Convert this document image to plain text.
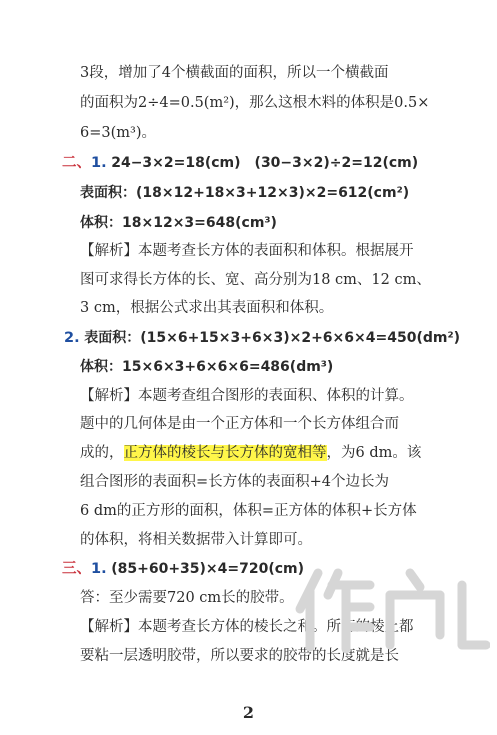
3段，增加了4个横截面的面积，所以一个横截面
的面积为2÷4=0.5(m²)，那么这根木料的体积是0.5×
6=3(m³)。
二、1. 24−3×2=18(cm)　(30−3×2)÷2=12(cm)
表面积：(18×12+18×3+12×3)×2=612(cm²)
体积：18×12×3=648(cm³)
【解析】本题考查长方体的表面积和体积。根据展开
图可求得长方体的长、宽、高分别为18 cm、12 cm、
3 cm，根据公式求出其表面积和体积。
2. 表面积：(15×6+15×3+6×3)×2+6×6×4=450(dm²)
体积：15×6×3+6×6×6=486(dm³)
【解析】本题考查组合图形的表面积、体积的计算。
题中的几何体是由一个正方体和一个长方体组合而
成的，正方体的棱长与长方体的宽相等，为6 dm。该
组合图形的表面积=长方体的表面积+4个边长为
6 dm的正方形的面积，体积=正方体的体积+长方体
的体积，将相关数据带入计算即可。
三、1. (85+60+35)×4=720(cm)
答：至少需要720 cm长的胶带。
【解析】本题考查长方体的棱长之和。所有的棱上都
要粘一层透明胶带，所以要求的胶带的长度就是长
2
